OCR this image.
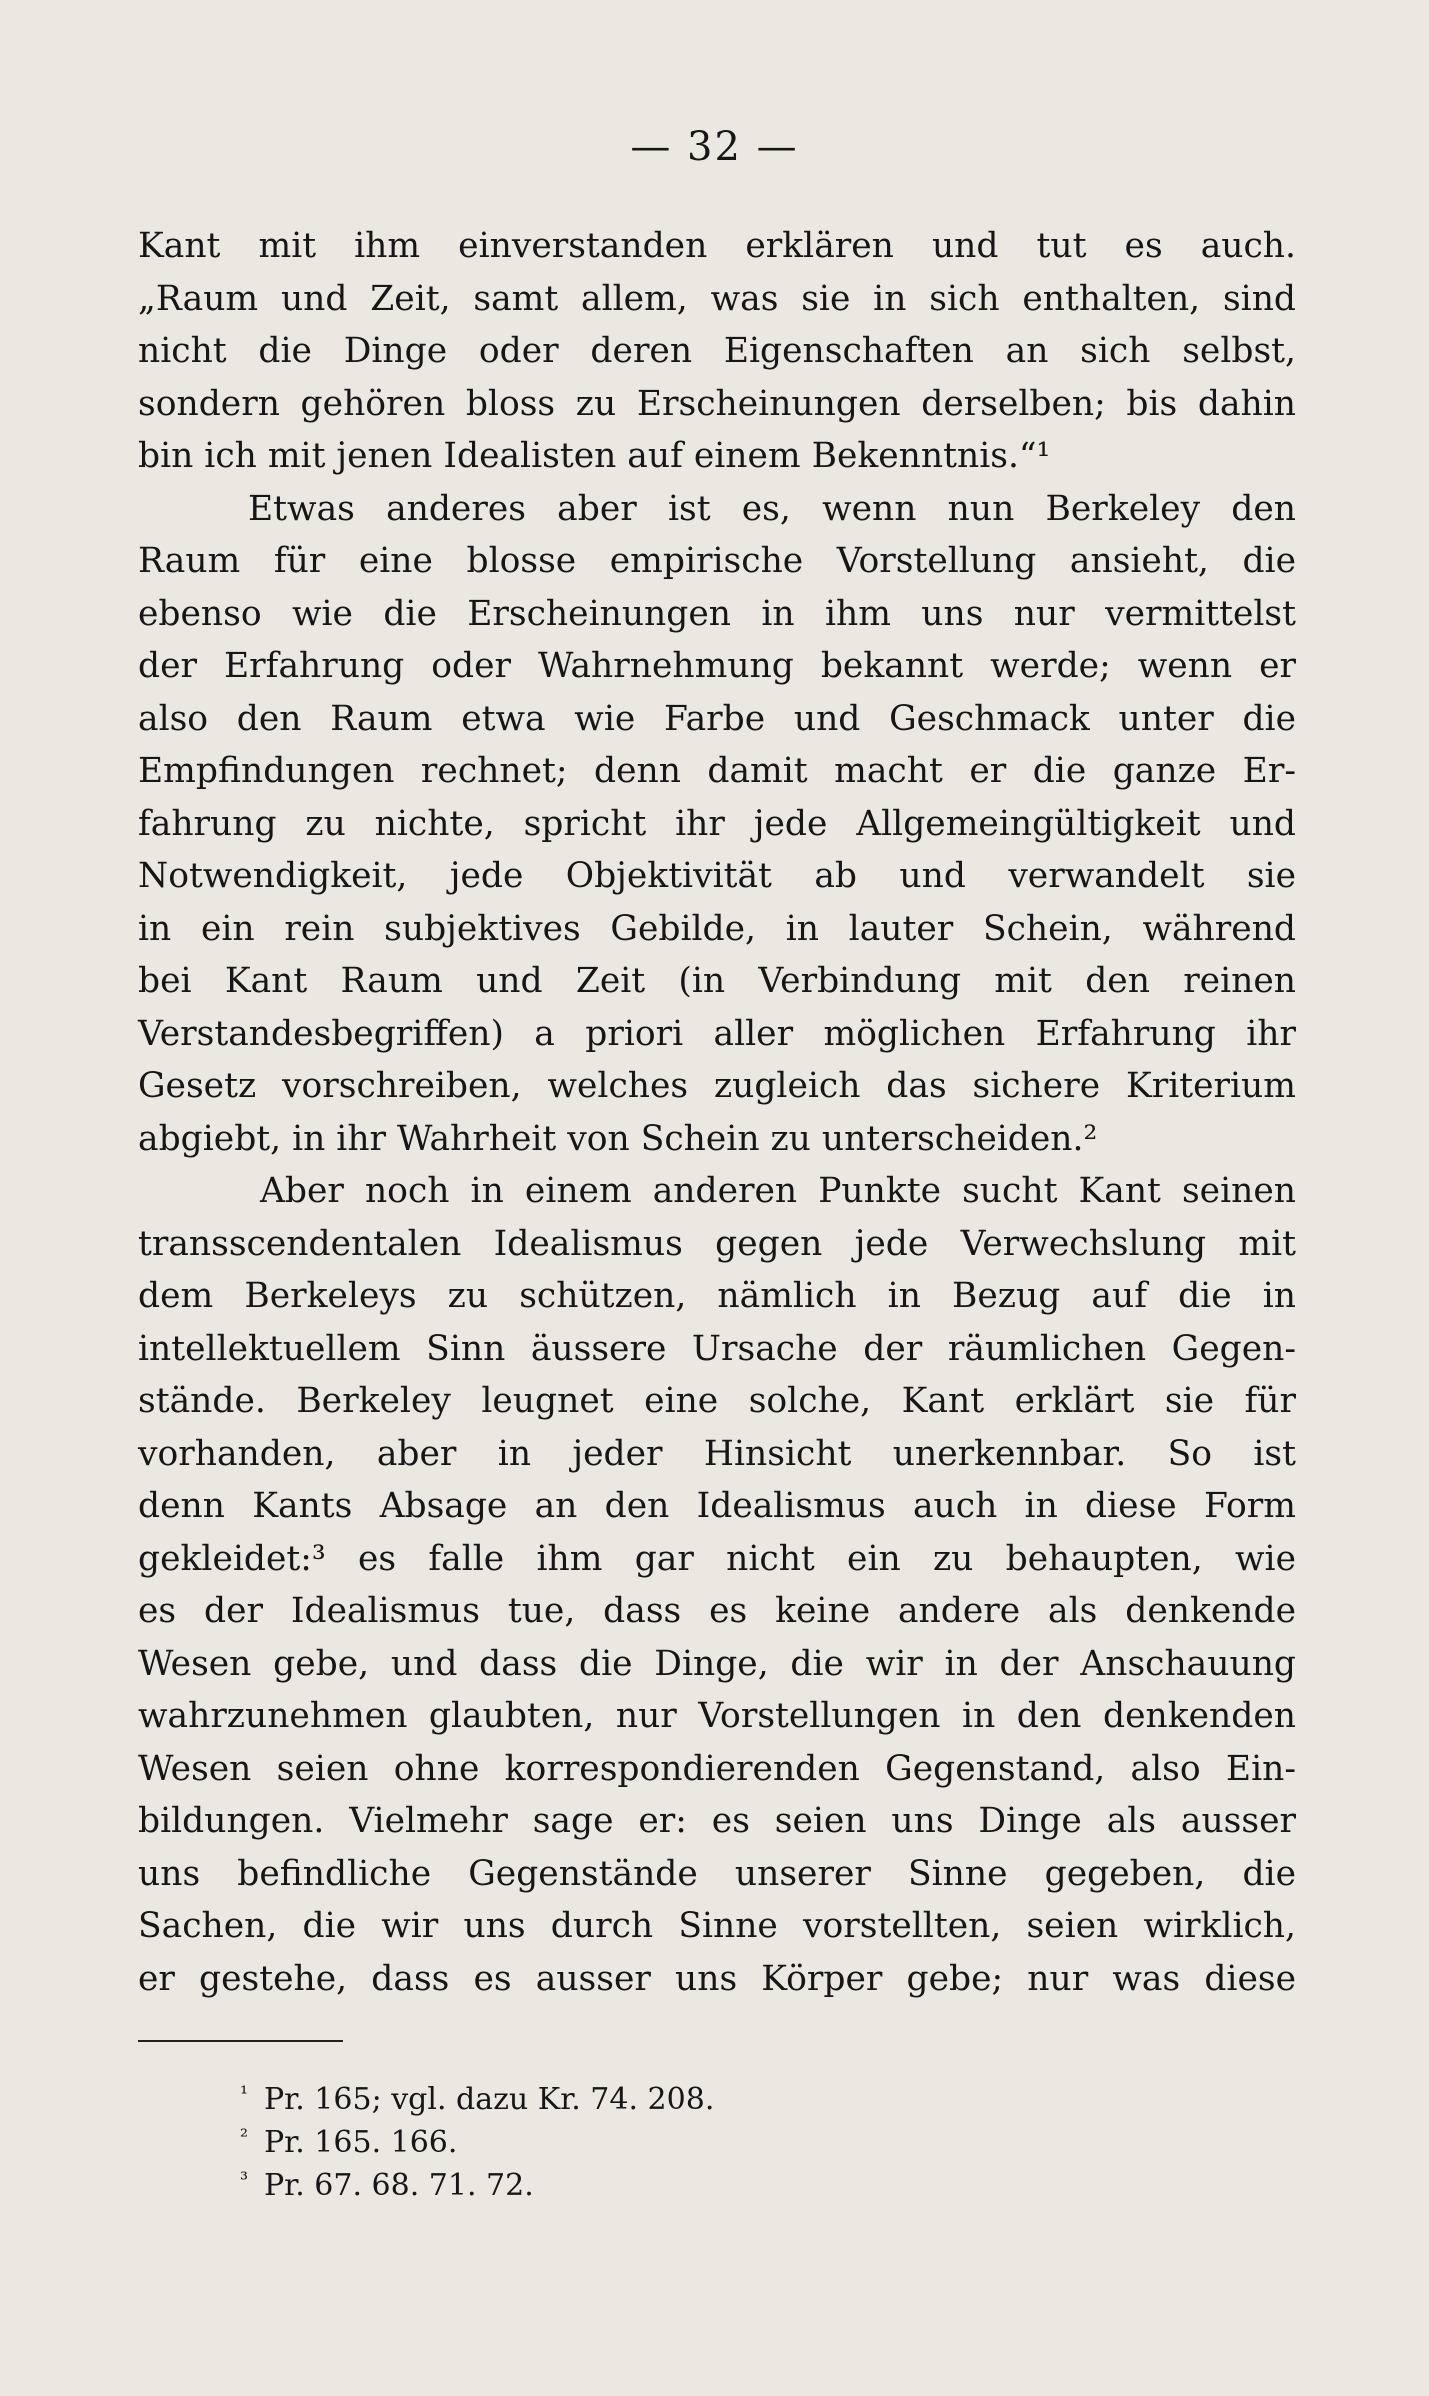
— 32 —
Kant mit ihm einverstanden erklären und tut es auch.
„Raum und Zeit, samt allem, was sie in sich enthalten, sind
nicht die Dinge oder deren Eigenschaften an sich selbst,
sondern gehören bloss zu Erscheinungen derselben; bis dahin
bin ich mit jenen Idealisten auf einem Bekenntnis.“¹
Etwas anderes aber ist es, wenn nun Berkeley den
Raum für eine blosse empirische Vorstellung ansieht, die
ebenso wie die Erscheinungen in ihm uns nur vermittelst
der Erfahrung oder Wahrnehmung bekannt werde; wenn er
also den Raum etwa wie Farbe und Geschmack unter die
Empfindungen rechnet; denn damit macht er die ganze Er-
fahrung zu nichte, spricht ihr jede Allgemeingültigkeit und
Notwendigkeit, jede Objektivität ab und verwandelt sie
in ein rein subjektives Gebilde, in lauter Schein, während
bei Kant Raum und Zeit (in Verbindung mit den reinen
Verstandesbegriffen) a priori aller möglichen Erfahrung ihr
Gesetz vorschreiben, welches zugleich das sichere Kriterium
abgiebt, in ihr Wahrheit von Schein zu unterscheiden.²
Aber noch in einem anderen Punkte sucht Kant seinen
transscendentalen Idealismus gegen jede Verwechslung mit
dem Berkeleys zu schützen, nämlich in Bezug auf die in
intellektuellem Sinn äussere Ursache der räumlichen Gegen-
stände. Berkeley leugnet eine solche, Kant erklärt sie für
vorhanden, aber in jeder Hinsicht unerkennbar. So ist
denn Kants Absage an den Idealismus auch in diese Form
gekleidet:³ es falle ihm gar nicht ein zu behaupten, wie
es der Idealismus tue, dass es keine andere als denkende
Wesen gebe, und dass die Dinge, die wir in der Anschauung
wahrzunehmen glaubten, nur Vorstellungen in den denkenden
Wesen seien ohne korrespondierenden Gegenstand, also Ein-
bildungen. Vielmehr sage er: es seien uns Dinge als ausser
uns befindliche Gegenstände unserer Sinne gegeben, die
Sachen, die wir uns durch Sinne vorstellten, seien wirklich,
er gestehe, dass es ausser uns Körper gebe; nur was diese
¹ Pr. 165; vgl. dazu Kr. 74. 208.
² Pr. 165. 166.
³ Pr. 67. 68. 71. 72.
